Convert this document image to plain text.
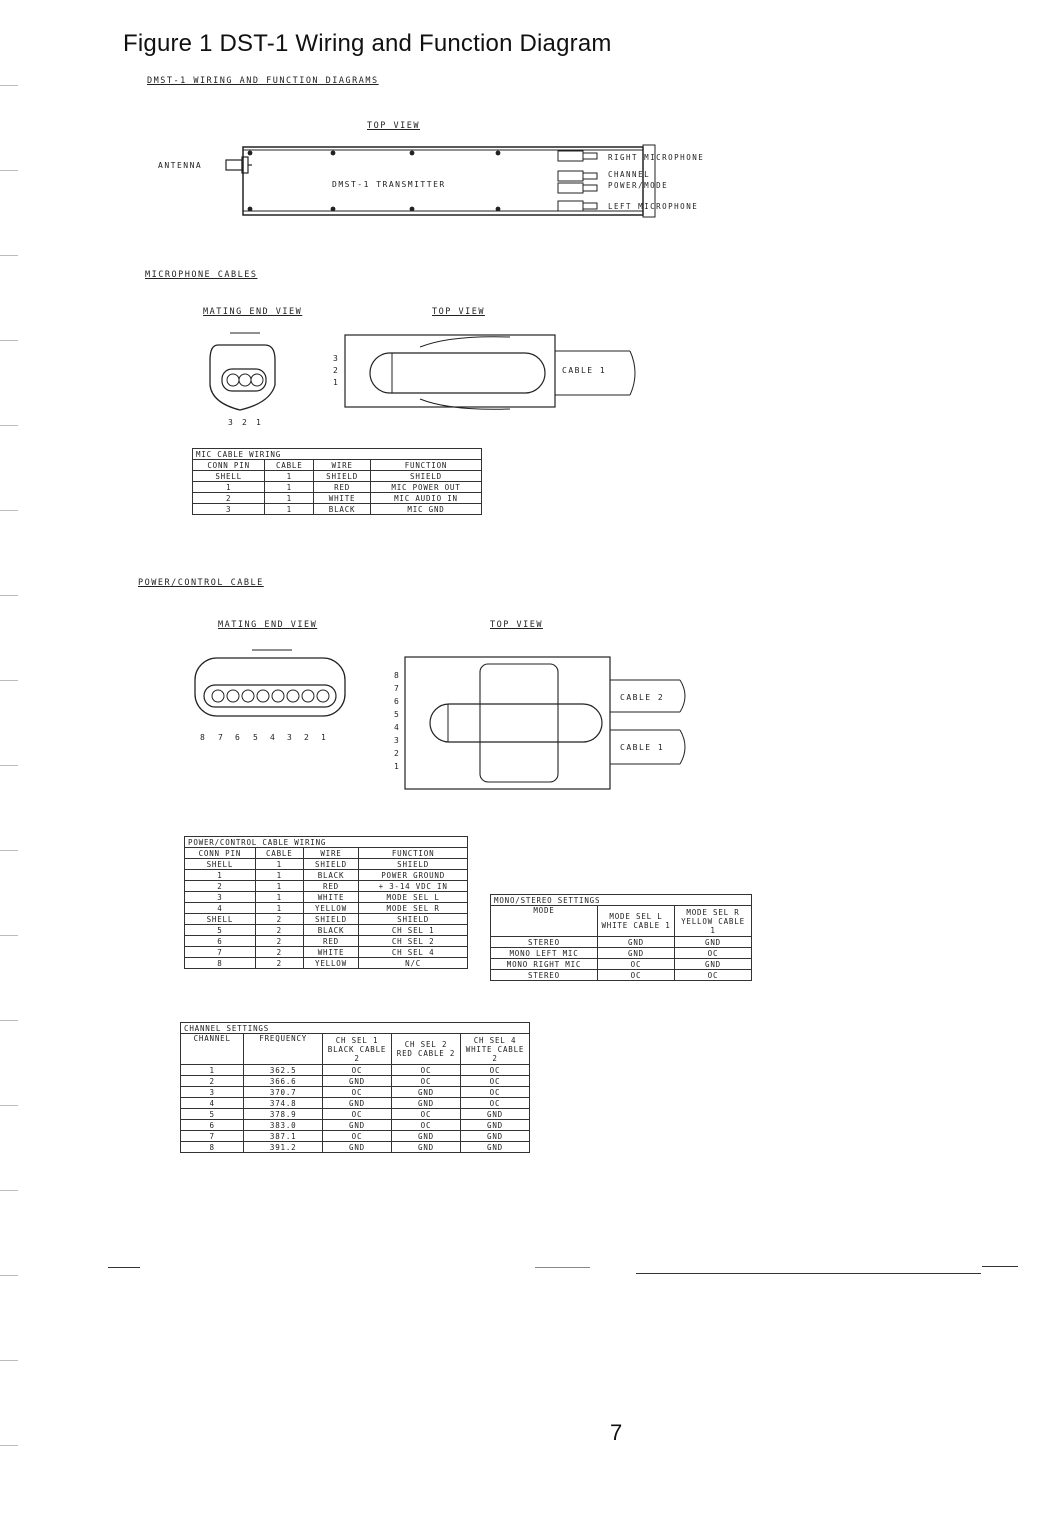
Figure 1 DST-1 Wiring and Function Diagram
DMST-1 WIRING AND FUNCTION DIAGRAMS
TOP VIEW
DMST-1 TRANSMITTER
ANTENNA
RIGHT MICROPHONE
CHANNEL
POWER/MODE
LEFT MICROPHONE
MICROPHONE CABLES
MATING END VIEW	TOP VIEW
3 2 1
CABLE 1
3
2
1
MIC CABLE WIRING			
CONN PIN	CABLE	WIRE	FUNCTION
SHELL	1	SHIELD	SHIELD
1	1	RED	MIC POWER OUT
2	1	WHITE	MIC AUDIO IN
3	1	BLACK	MIC GND
POWER/CONTROL CABLE
MATING END VIEW	TOP VIEW
8 7 6 5 4 3 2 1
CABLE 2
CABLE 1
8
7
6
5
4
3
2
1
POWER/CONTROL CABLE WIRING			
CONN PIN	CABLE	WIRE	FUNCTION
SHELL	1	SHIELD	SHIELD
1	1	BLACK	POWER GROUND
2	1	RED	+ 3-14 VDC IN
3	1	WHITE	MODE SEL L
4	1	YELLOW	MODE SEL R
SHELL	2	SHIELD	SHIELD
5	2	BLACK	CH SEL 1
6	2	RED	CH SEL 2
7	2	WHITE	CH SEL 4
8	2	YELLOW	N/C
MONO/STEREO SETTINGS		
MODE	MODE SEL L WHITE CABLE 1	MODE SEL R YELLOW CABLE 1
STEREO	GND	GND
MONO LEFT MIC	GND	OC
MONO RIGHT MIC	OC	GND
STEREO	OC	OC
CHANNEL SETTINGS				
CHANNEL	FREQUENCY	CH SEL 1 BLACK CABLE 2	CH SEL 2 RED CABLE 2	CH SEL 4 WHITE CABLE 2
1	362.5	OC	OC	OC
2	366.6	GND	OC	OC
3	370.7	OC	GND	OC
4	374.8	GND	GND	OC
5	378.9	OC	OC	GND
6	383.0	GND	OC	GND
7	387.1	OC	GND	GND
8	391.2	GND	GND	GND
7
